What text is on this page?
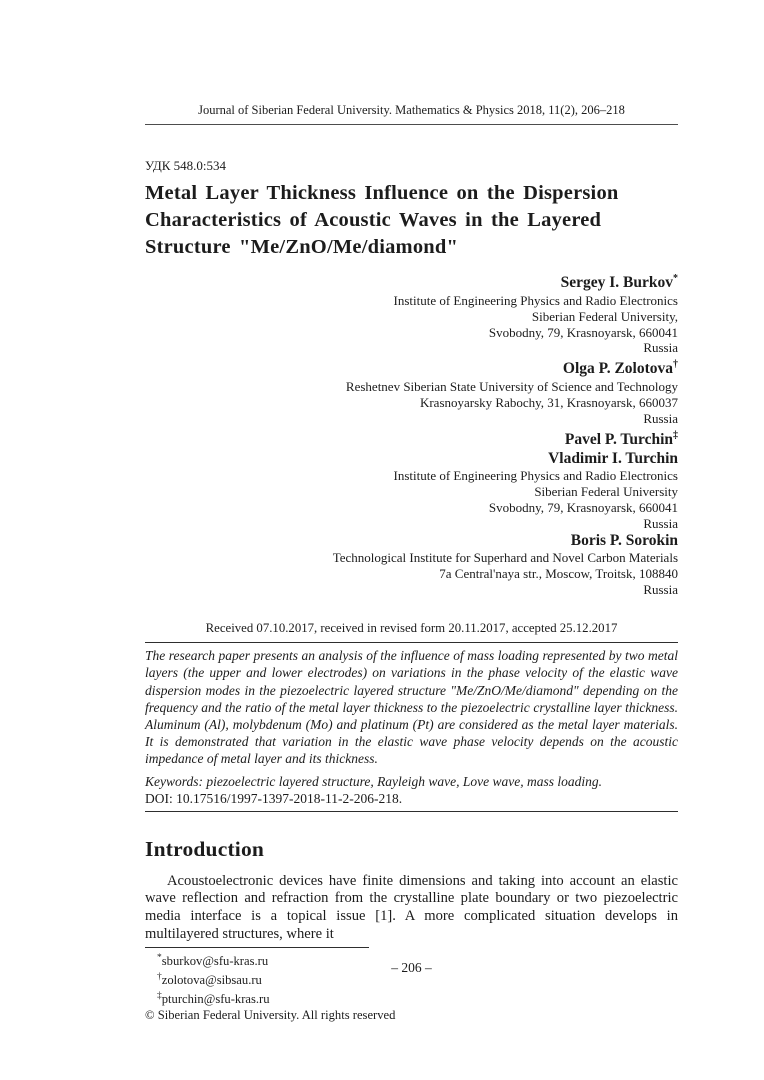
Journal of Siberian Federal University. Mathematics & Physics 2018, 11(2), 206–218
УДК 548.0:534
Metal Layer Thickness Influence on the Dispersion
Characteristics of Acoustic Waves in the Layered
Structure "Me/ZnO/Me/diamond"
Sergey I. Burkov*
Institute of Engineering Physics and Radio Electronics
Siberian Federal University,
Svobodny, 79, Krasnoyarsk, 660041
Russia
Olga P. Zolotova†
Reshetnev Siberian State University of Science and Technology
Krasnoyarsky Rabochy, 31, Krasnoyarsk, 660037
Russia
Pavel P. Turchin‡
Vladimir I. Turchin
Institute of Engineering Physics and Radio Electronics
Siberian Federal University
Svobodny, 79, Krasnoyarsk, 660041
Russia
Boris P. Sorokin
Technological Institute for Superhard and Novel Carbon Materials
7a Central'naya str., Moscow, Troitsk, 108840
Russia
Received 07.10.2017, received in revised form 20.11.2017, accepted 25.12.2017

The research paper presents an analysis of the influence of mass loading represented by two metal layers (the upper and lower electrodes) on variations in the phase velocity of the elastic wave dispersion modes in the piezoelectric layered structure "Me/ZnO/Me/diamond" depending on the frequency and the ratio of the metal layer thickness to the piezoelectric crystalline layer thickness. Aluminum (Al), molybdenum (Mo) and platinum (Pt) are considered as the metal layer materials. It is demonstrated that variation in the elastic wave phase velocity depends on the acoustic impedance of metal layer and its thickness.

Keywords: piezoelectric layered structure, Rayleigh wave, Love wave, mass loading.

DOI: 10.17516/1997-1397-2018-11-2-206-218.

Introduction

Acoustoelectronic devices have finite dimensions and taking into account an elastic wave reflection and refraction from the crystalline plate boundary or two piezoelectric media interface is a topical issue [1]. A more complicated situation develops in multilayered structures, where it

*sburkov@sfu-kras.ru
†zolotova@sibsau.ru
‡pturchin@sfu-kras.ru
© Siberian Federal University. All rights reserved
– 206 –
